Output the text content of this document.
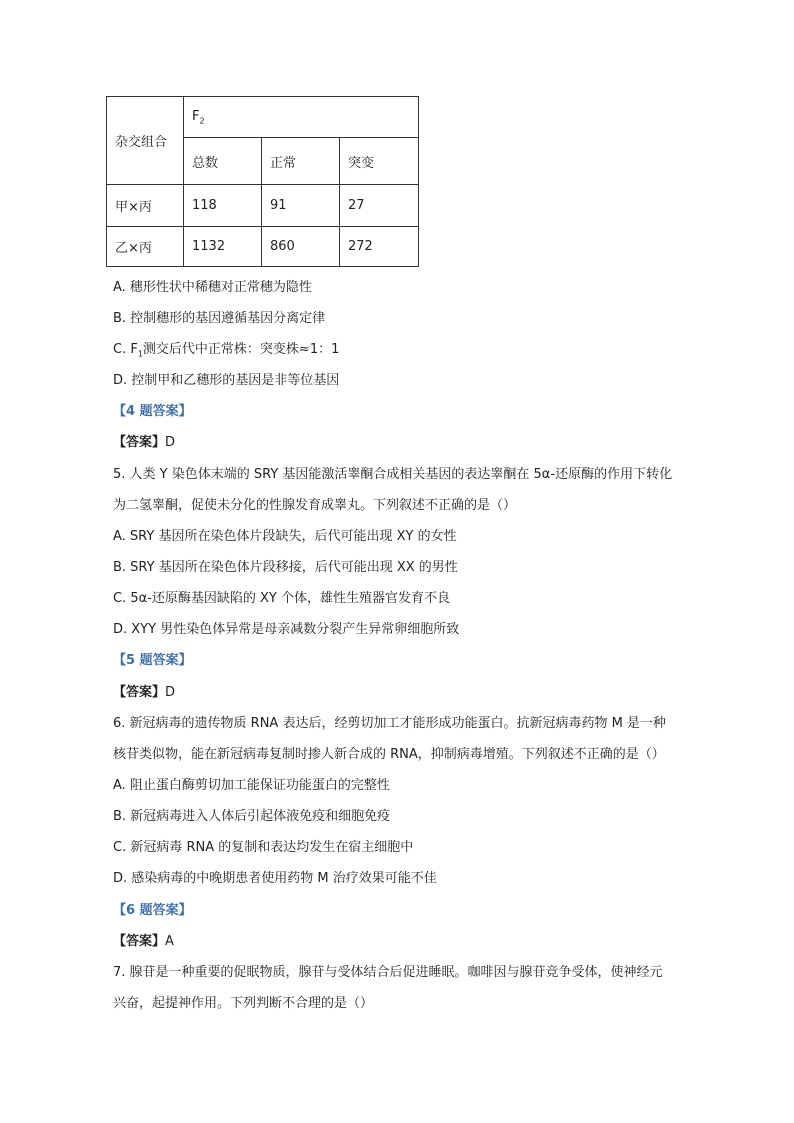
杂交组合	$F_2$
	总数	正常	突变
甲×丙	118	91	27
乙×丙	1132	860	272
A. 穗形性状中稀穗对正常穗为隐性
B. 控制穗形的基因遵循基因分离定律
C. $F_1$测交后代中正常株：突变株≈1：1
D. 控制甲和乙穗形的基因是非等位基因
【4 题答案】
【答案】D
5. 人类 Y 染色体末端的 SRY 基因能激活睾酮合成相关基因的表达睾酮在 5α-还原酶的作用下转化
为二氢睾酮，促使未分化的性腺发育成睾丸。下列叙述不正确的是（）
A. SRY 基因所在染色体片段缺失，后代可能出现 XY 的女性
B. SRY 基因所在染色体片段移接，后代可能出现 XX 的男性
C. 5α-还原酶基因缺陷的 XY 个体，雄性生殖器官发育不良
D. XYY 男性染色体异常是母亲减数分裂产生异常卵细胞所致
【5 题答案】
【答案】D
6. 新冠病毒的遗传物质 RNA 表达后，经剪切加工才能形成功能蛋白。抗新冠病毒药物 M 是一种
核苷类似物，能在新冠病毒复制时掺人新合成的 RNA，抑制病毒增殖。下列叙述不正确的是（）
A. 阻止蛋白酶剪切加工能保证功能蛋白的完整性
B. 新冠病毒进入人体后引起体液免疫和细胞免疫
C. 新冠病毒 RNA 的复制和表达均发生在宿主细胞中
D. 感染病毒的中晚期患者使用药物 M 治疗效果可能不佳
【6 题答案】
【答案】A
7. 腺苷是一种重要的促眠物质，腺苷与受体结合后促进睡眠。咖啡因与腺苷竞争受体，使神经元
兴奋，起提神作用。下列判断不合理的是（）
